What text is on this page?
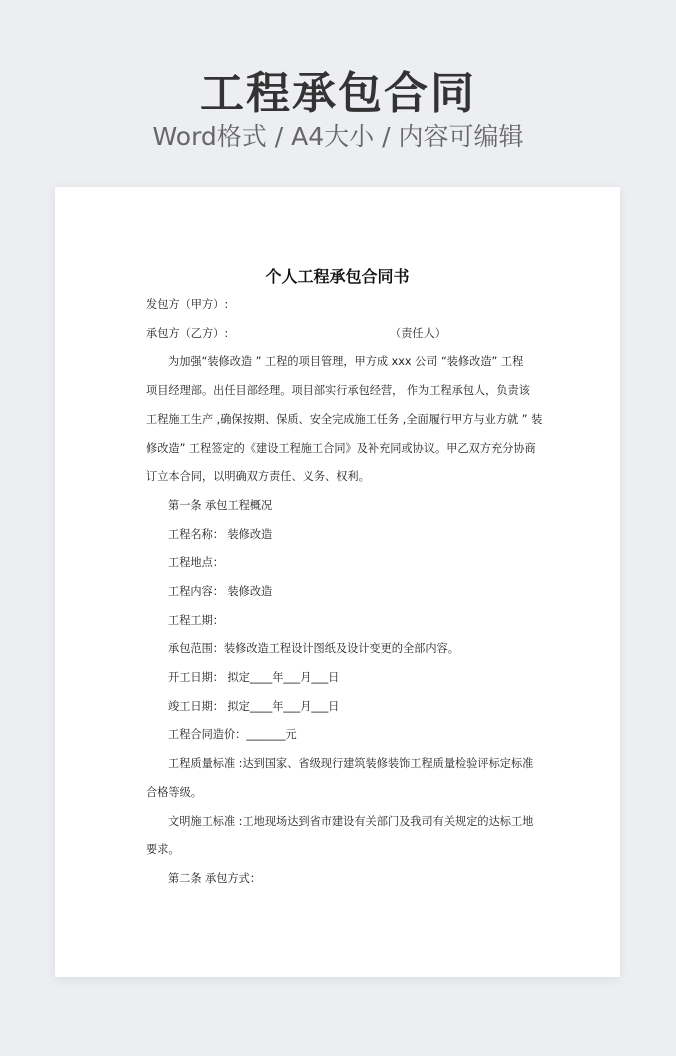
工程承包合同
Word格式 / A4大小 / 内容可编辑
个人工程承包合同书
发包方（甲方）:
承包方（乙方）:	（责任人）
为加强“装修改造 ” 工程的项目管理，甲方成 xxx 公司 “装修改造” 工程
项目经理部。出任目部经理。项目部实行承包经营， 作为工程承包人，负责该
工程施工生产 ,确保按期、保质、安全完成施工任务 ,全面履行甲方与业方就 ” 装
修改造” 工程签定的《建设工程施工合同》及补充同或协议。甲乙双方充分协商
订立本合同，以明确双方责任、义务、权利。
第一条 承包工程概况
工程名称： 装修改造
工程地点：
工程内容： 装修改造
工程工期：
承包范围：装修改造工程设计图纸及设计变更的全部内容。
开工日期： 拟定____年___月___日
竣工日期： 拟定____年___月___日
工程合同造价：_______元
工程质量标准 :达到国家、省级现行建筑装修装饰工程质量检验评标定标准
合格等级。
文明施工标准 :工地现场达到省市建设有关部门及我司有关规定的达标工地
要求。
第二条 承包方式：
